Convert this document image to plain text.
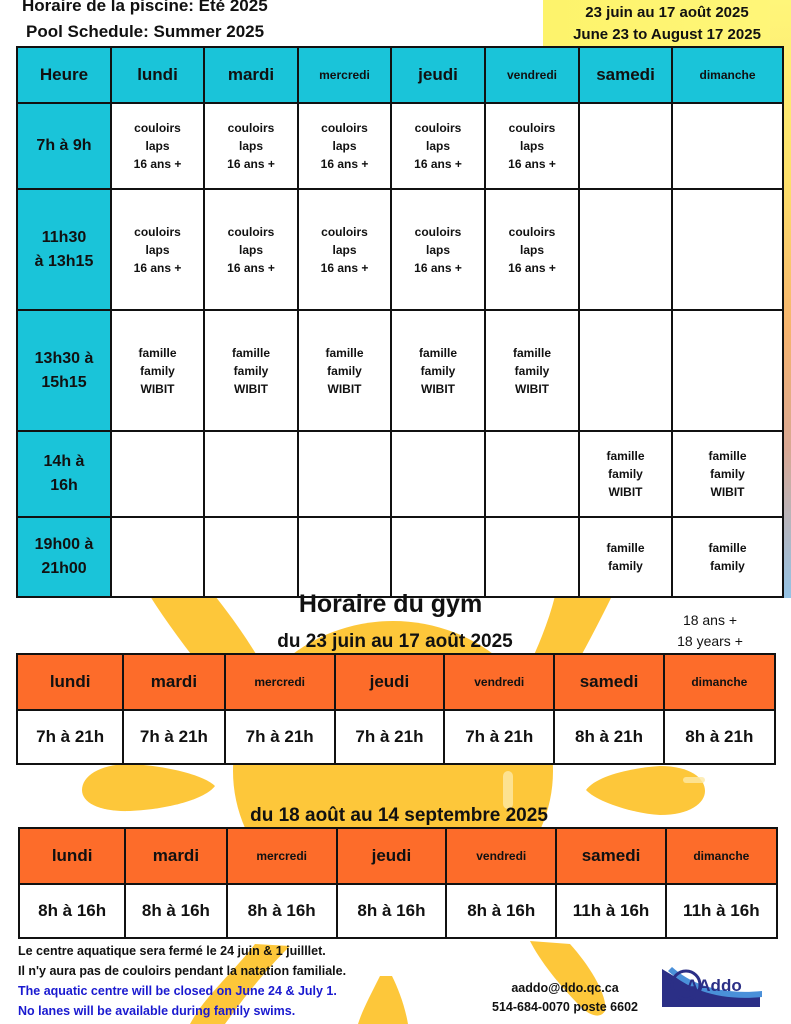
Horaire de la piscine: Eté 2025
Pool Schedule: Summer 2025
23 juin au 17 août 2025
June 23 to August 17 2025
Heure	lundi	mardi	mercredi	jeudi	vendredi	samedi	dimanche
7h à 9h	couloirs
laps
16 ans +	couloirs
laps
16 ans +	couloirs
laps
16 ans +	couloirs
laps
16 ans +	couloirs
laps
16 ans +		
11h30
à 13h15	couloirs
laps
16 ans +	couloirs
laps
16 ans +	couloirs
laps
16 ans +	couloirs
laps
16 ans +	couloirs
laps
16 ans +		
13h30 à
15h15	famille
family
WIBIT	famille
family
WIBIT	famille
family
WIBIT	famille
family
WIBIT	famille
family
WIBIT		
14h à
16h						famille
family
WIBIT	famille
family
WIBIT
19h00 à
21h00						famille
family	famille
family
Horaire du gym
18 ans +
18 years +
du 23 juin au 17 août 2025
lundi	mardi	mercredi	jeudi	vendredi	samedi	dimanche
7h à 21h	7h à 21h	7h à 21h	7h à 21h	7h à 21h	8h à 21h	8h à 21h
du 18 août au 14 septembre 2025
lundi	mardi	mercredi	jeudi	vendredi	samedi	dimanche
8h à 16h	8h à 16h	8h à 16h	8h à 16h	8h à 16h	11h à 16h	11h à 16h
Le centre aquatique sera fermé le 24 juin & 1 juilllet.
Il n'y aura pas de couloirs pendant la natation familiale.
The aquatic centre will be closed on June 24 & July 1.
No lanes will be available during family swims.
aaddo@ddo.qc.ca
514-684-0070 poste 6602
AAddo
